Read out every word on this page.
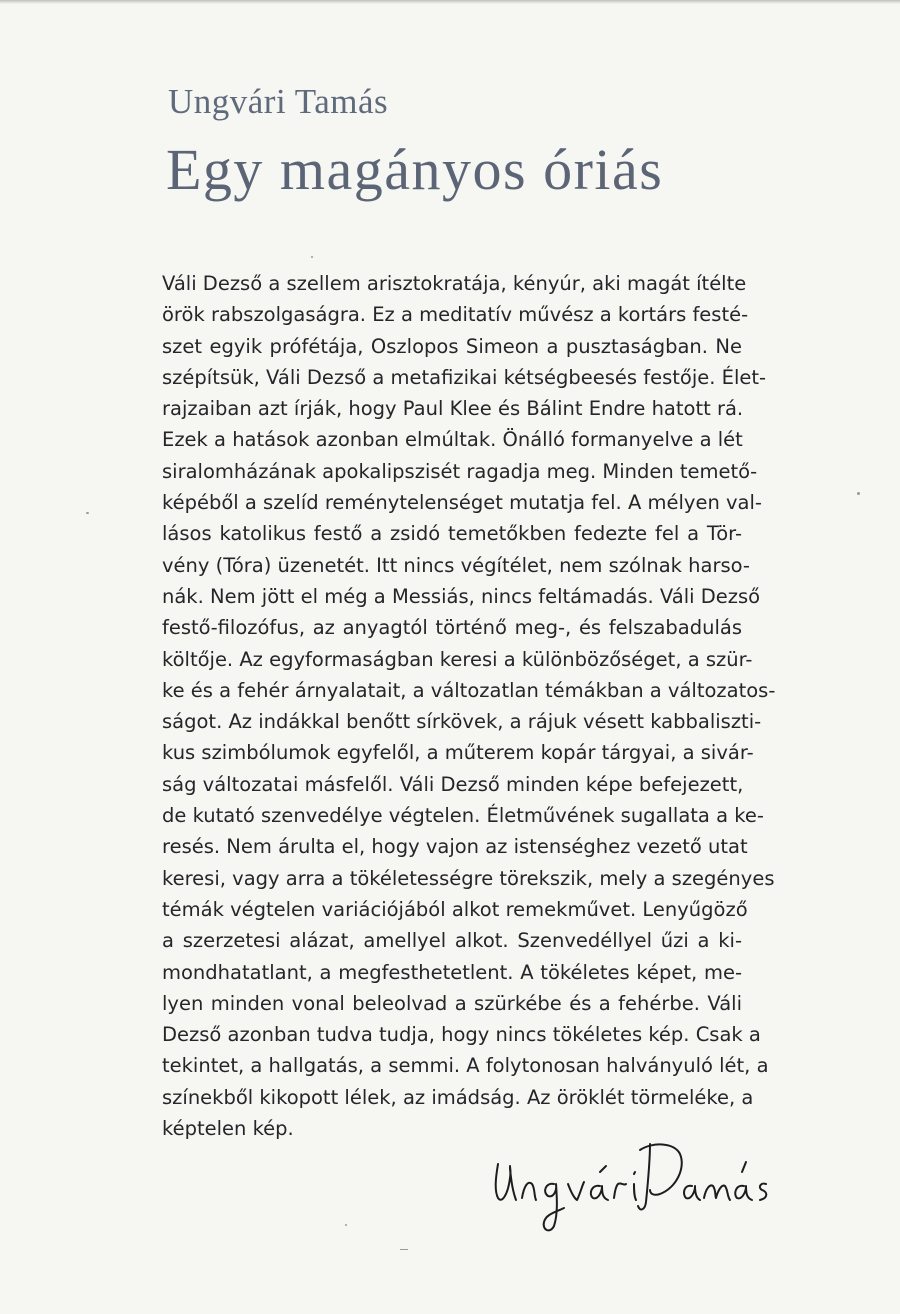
Ungvári Tamás
Egy magányos óriás
Váli Dezső a szellem arisztokratája, kényúr, aki magát ítélte
örök rabszolgaságra. Ez a meditatív művész a kortárs festé-
szet egyik prófétája, Oszlopos Simeon a pusztaságban. Ne
szépítsük, Váli Dezső a metafizikai kétségbeesés festője. Élet-
rajzaiban azt írják, hogy Paul Klee és Bálint Endre hatott rá.
Ezek a hatások azonban elmúltak. Önálló formanyelve a lét
siralomházának apokalipszisét ragadja meg. Minden temető-
képéből a szelíd reménytelenséget mutatja fel. A mélyen val-
lásos katolikus festő a zsidó temetőkben fedezte fel a Tör-
vény (Tóra) üzenetét. Itt nincs végítélet, nem szólnak harso-
nák. Nem jött el még a Messiás, nincs feltámadás. Váli Dezső
festő-filozófus, az anyagtól történő meg-, és felszabadulás
költője. Az egyformaságban keresi a különbözőséget, a szür-
ke és a fehér árnyalatait, a változatlan témákban a változatos-
ságot. Az indákkal benőtt sírkövek, a rájuk vésett kabbaliszti-
kus szimbólumok egyfelől, a műterem kopár tárgyai, a sivár-
ság változatai másfelől. Váli Dezső minden képe befejezett,
de kutató szenvedélye végtelen. Életművének sugallata a ke-
resés. Nem árulta el, hogy vajon az istenséghez vezető utat
keresi, vagy arra a tökéletességre törekszik, mely a szegényes
témák végtelen variációjából alkot remekművet. Lenyűgöző
a szerzetesi alázat, amellyel alkot. Szenvedéllyel űzi a ki-
mondhatatlant, a megfesthetetlent. A tökéletes képet, me-
lyen minden vonal beleolvad a szürkébe és a fehérbe. Váli
Dezső azonban tudva tudja, hogy nincs tökéletes kép. Csak a
tekintet, a hallgatás, a semmi. A folytonosan halványuló lét, a
színekből kikopott lélek, az imádság. Az öröklét törmeléke, a
képtelen kép.
